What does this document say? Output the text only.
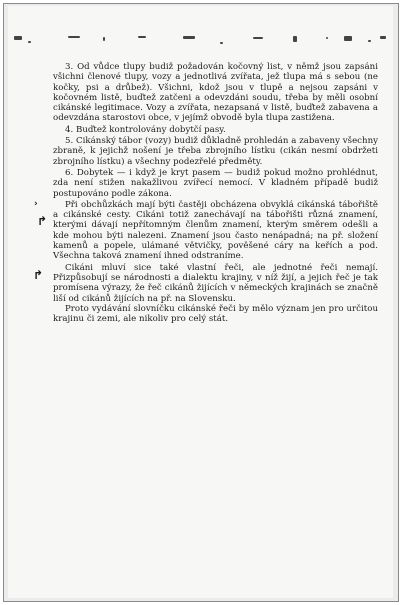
↱
↱
›

3. Od vůdce tlupy budiž požadován kočovný list, v němž jsou zapsáni všichni členové tlupy, vozy a jednotlivá zvířata, jež tlupa má s sebou (ne kočky, psi a drůbež). Všichni, kdož jsou v tlupě a nejsou zapsáni v kočovném listě, buďtež zatčeni a odevzdáni soudu, třeba by měli osobní cikánské legitimace. Vozy a zvířata, nezapsaná v listě, buďtež zabavena a odevzdána starostovi obce, v jejímž obvodě byla tlupa zastižena.

4. Buďtež kontrolovány dobytčí pasy.

5. Cikánský tábor (vozy) budiž důkladně prohledán a zabaveny všechny zbraně, k jejichž nošení je třeba zbrojního lístku (cikán nesmí obdržeti zbrojního lístku) a všechny podezřelé předměty.

6. Dobytek — i když je kryt pasem — budiž pokud možno prohlédnut, zda není stižen nakažlivou zvířecí nemocí. V kladném případě budiž postupováno podle zákona.

Při obchůzkách mají býti častěji obcházena obvyklá cikánská tábořiště a cikánské cesty. Cikáni totiž zanechávají na tábořišti různá znamení, kterými dávají nepřítomným členům znamení, kterým směrem odešli a kde mohou býti nalezeni. Znamení jsou často nenápadná; na př. složení kamenů a popele, ulámané větvičky, pověšené cáry na keřích a pod. Všechna taková znamení ihned odstraníme.

Cikáni mluví sice také vlastní řeči, ale jednotné řeči nemají. Přizpůsobují se národnosti a dialektu krajiny, v níž žijí, a jejich řeč je tak promísena výrazy, že řeč cikánů žijících v německých krajinách se značně liší od cikánů žijících na př. na Slovensku.

Proto vydávání slovníčku cikánské řeči by mělo význam jen pro určitou krajinu či zemi, ale nikoliv pro celý stát.
